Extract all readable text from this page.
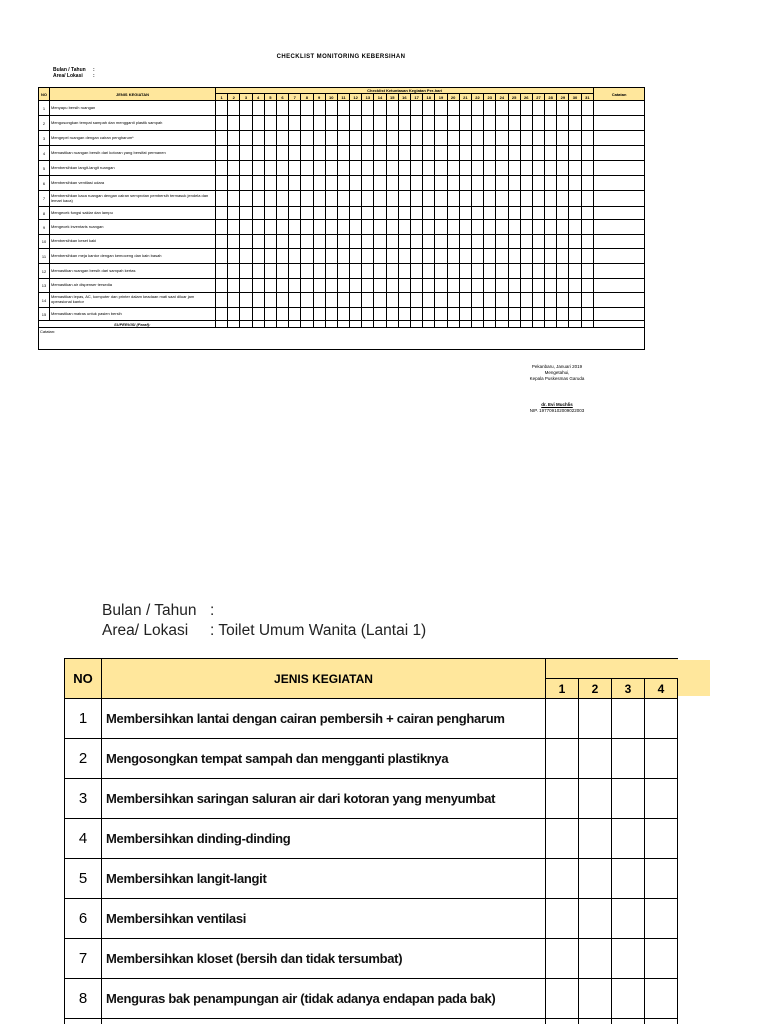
CHECKLIST MONITORING KEBERSIHAN
Bulan / Tahun :
Area/ Lokasi :
NO	JENIS KEGIATAN	Checklist Ketuntasan Kegiatan Per-hari																															Catatan
		1	2	3	4	5	6	7	8	9	10	11	12	13	14	15	16	17	18	19	20	21	22	23	24	25	26	27	28	29	30	31	
1	Menyapu bersih ruangan																																
2	Mengosongkan tempat sampah dan mengganti plastik sampah																																
3	Mengepel ruangan dengan cairan pengharum*																																
4	Memastikan ruangan bersih dari kotoran yang bersifat permanen																																
5	Membersihkan langit-langit ruangan																																
6	Membersihkan ventilasi udara																																
7	Membersihkan kaca ruangan dengan cairan semprotan pembersih termasuk jendela dan lemari kaca)																																
8	Mengecek fungsi saklar dan lampu																																
9	Mengecek inventaris ruangan																																
10	Membersihkan keset kaki																																
11	Membersihkan meja kantor dengan kemoceng dan kain basah																																
12	Memastikan ruangan bersih dari sampah kertas																																
13	Memastikan air dispenser tersedia																																
14	Memastikan lepas, AC, komputer dan printer dalam keadaan mati saat diluar jam operasional kantor																																
15	Memastikan matras untuk pasien bersih																																
	SUPERVISI (Paraf):																																
Catatan:																																	
Pekanbaru, Januari 2019
Mengetahui,
Kepala Puskesmas Garuda
dr. Evi Muchlis
NIP. 197709102009022003
Bulan / Tahun :
Area/ Lokasi : Toilet Umum Wanita (Lantai 1)
NO	JENIS KEGIATAN				
		1	2	3	4
1	Membersihkan lantai dengan cairan pembersih + cairan pengharum				
2	Mengosongkan tempat sampah dan mengganti plastiknya				
3	Membersihkan saringan saluran air dari kotoran yang menyumbat				
4	Membersihkan dinding-dinding				
5	Membersihkan langit-langit				
6	Membersihkan ventilasi				
7	Membersihkan kloset (bersih dan tidak tersumbat)				
8	Menguras bak penampungan air (tidak adanya endapan pada bak)				
